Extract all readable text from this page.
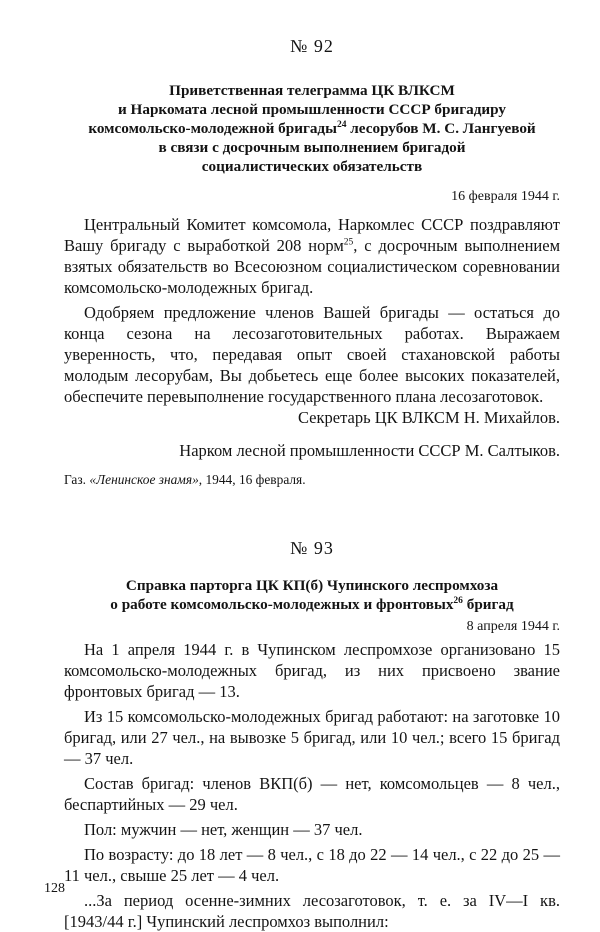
№ 92
Приветственная телеграмма ЦК ВЛКСМ
и Наркомата лесной промышленности СССР бригадиру
комсомольско-молодежной бригады$^{24}$ лесорубов М. С. Лангуевой
в связи с досрочным выполнением бригадой
социалистических обязательств
16 февраля 1944 г.

Центральный Комитет комсомола, Наркомлес СССР поздравляют Вашу бригаду с выработкой 208 норм$^{25}$, с досрочным выполнением взятых обязательств во Всесоюзном социалистическом соревновании комсомольско-молодежных бригад.

Одобряем предложение членов Вашей бригады — остаться до конца сезона на лесозаготовительных работах. Выражаем уверенность, что, передавая опыт своей стахановской работы молодым лесорубам, Вы добьетесь еще более высоких показателей, обеспечите перевыполнение государственного плана лесозаготовок.

Секретарь ЦК ВЛКСМ Н. Михайлов.
Нарком лесной промышленности СССР М. Салтыков.
Газ. «Ленинское знамя», 1944, 16 февраля.
№ 93
Справка парторга ЦК КП(б) Чупинского леспромхоза
о работе комсомольско-молодежных и фронтовых$^{26}$ бригад
8 апреля 1944 г.

На 1 апреля 1944 г. в Чупинском леспромхозе организовано 15 комсомольско-молодежных бригад, из них присвоено звание фронтовых бригад — 13.

Из 15 комсомольско-молодежных бригад работают: на заготовке 10 бригад, или 27 чел., на вывозке 5 бригад, или 10 чел.; всего 15 бригад — 37 чел.

Состав бригад: членов ВКП(б) — нет, комсомольцев — 8 чел., беспартийных — 29 чел.

Пол: мужчин — нет, женщин — 37 чел.

По возрасту: до 18 лет — 8 чел., с 18 до 22 — 14 чел., с 22 до 25 — 11 чел., свыше 25 лет — 4 чел.

...За период осенне-зимних лесозаготовок, т. е. за IV—I кв. [1943/44 г.] Чупинский леспромхоз выполнил:

128
